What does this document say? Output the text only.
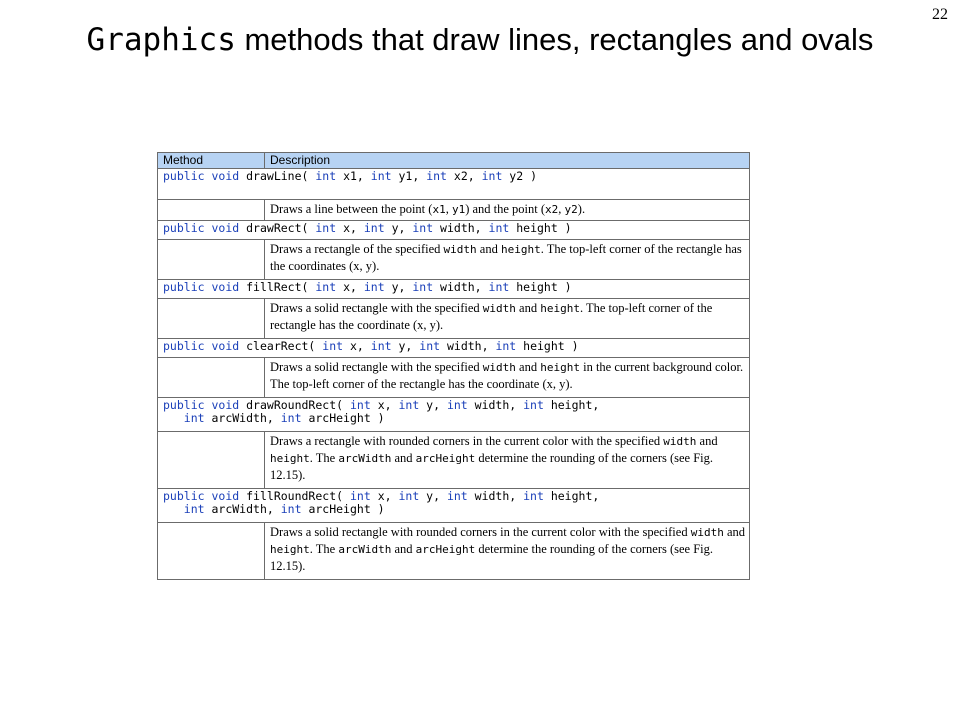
22
Graphics methods that draw lines, rectangles and ovals
Method	Description
public void drawLine( int x1, int y1, int x2, int y2 )	
	Draws a line between the point (x1, y1) and the point (x2, y2).
public void drawRect( int x, int y, int width, int height )	
	Draws a rectangle of the specified width and height. The top-left corner of the rectangle has the coordinates (x, y).
public void fillRect( int x, int y, int width, int height )	
	Draws a solid rectangle with the specified width and height. The top-left corner of the rectangle has the coordinate (x, y).
public void clearRect( int x, int y, int width, int height )	
	Draws a solid rectangle with the specified width and height in the current background color. The top-left corner of the rectangle has the coordinate (x, y).

public void drawRoundRect( int x, int y, int width, int height,
int arcWidth, int arcHeight )	

	Draws a rectangle with rounded corners in the current color with the specified width and height. The arcWidth and arcHeight determine the rounding of the corners (see Fig. 12.15).

public void fillRoundRect( int x, int y, int width, int height,
int arcWidth, int arcHeight )	

	Draws a solid rectangle with rounded corners in the current color with the specified width and height. The arcWidth and arcHeight determine the rounding of the corners (see Fig. 12.15).
